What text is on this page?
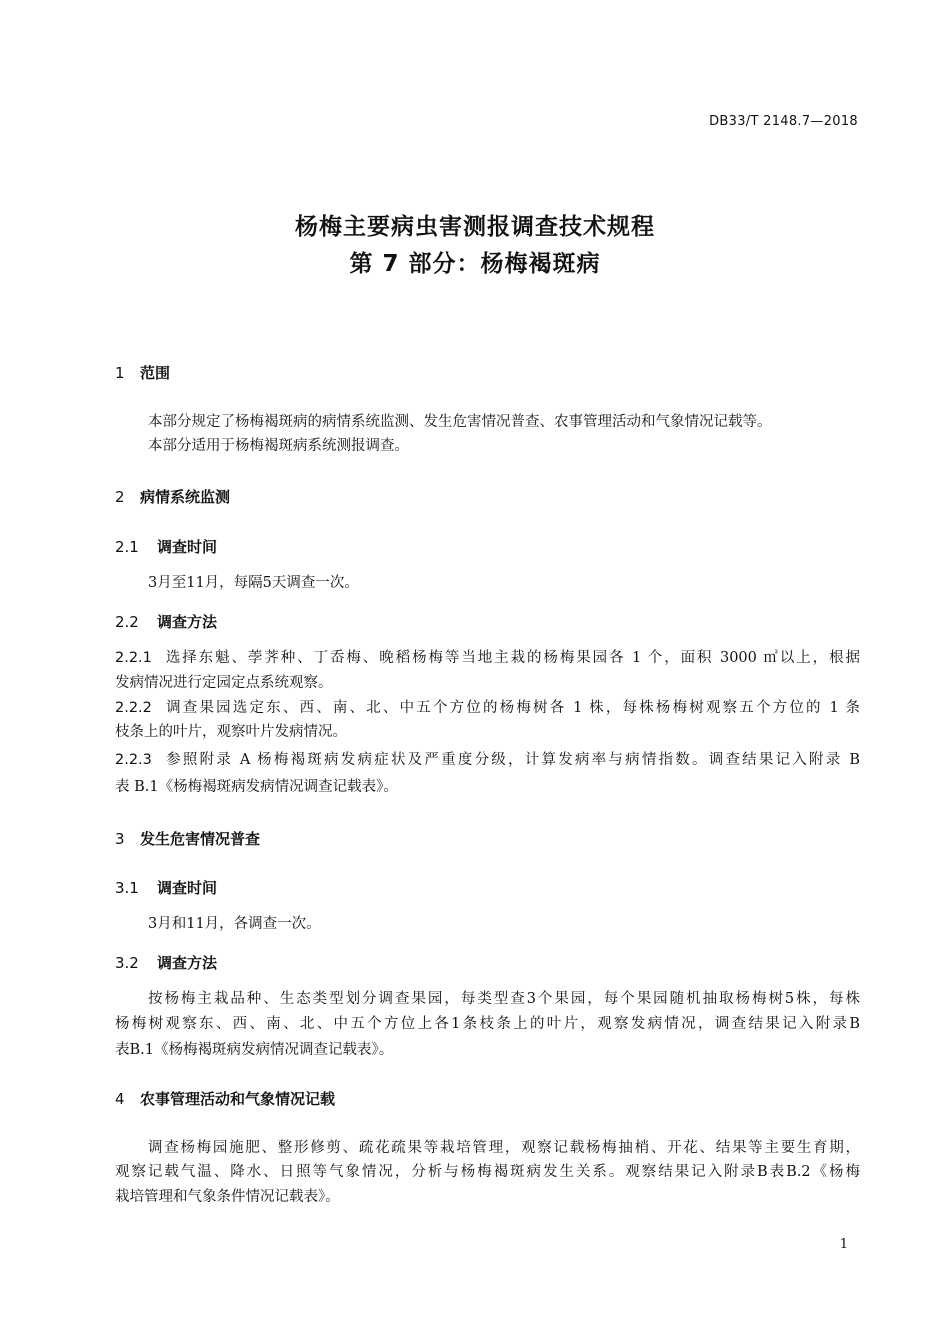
DB33/T 2148.7—2018
杨梅主要病虫害测报调查技术规程
第 7 部分：杨梅褐斑病
1 范围
本部分规定了杨梅褐斑病的病情系统监测、发生危害情况普查、农事管理活动和气象情况记载等。
本部分适用于杨梅褐斑病系统测报调查。
2 病情系统监测
2.1 调查时间
3月至11月，每隔5天调查一次。
2.2 调查方法
2.2.1 选择东魁、荸荠种、丁岙梅、晚稻杨梅等当地主栽的杨梅果园各 1 个，面积 3000 ㎡以上，根据
发病情况进行定园定点系统观察。
2.2.2 调查果园选定东、西、南、北、中五个方位的杨梅树各 1 株，每株杨梅树观察五个方位的 1 条
枝条上的叶片，观察叶片发病情况。
2.2.3 参照附录 A 杨梅褐斑病发病症状及严重度分级，计算发病率与病情指数。调查结果记入附录 B
表 B.1《杨梅褐斑病发病情况调查记载表》。
3 发生危害情况普查
3.1 调查时间
3月和11月，各调查一次。
3.2 调查方法
按杨梅主栽品种、生态类型划分调查果园，每类型查3个果园，每个果园随机抽取杨梅树5株，每株
杨梅树观察东、西、南、北、中五个方位上各1条枝条上的叶片，观察发病情况，调查结果记入附录B
表B.1《杨梅褐斑病发病情况调查记载表》。
4 农事管理活动和气象情况记载
调查杨梅园施肥、整形修剪、疏花疏果等栽培管理，观察记载杨梅抽梢、开花、结果等主要生育期，
观察记载气温、降水、日照等气象情况，分析与杨梅褐斑病发生关系。观察结果记入附录B表B.2《杨梅
栽培管理和气象条件情况记载表》。
1
